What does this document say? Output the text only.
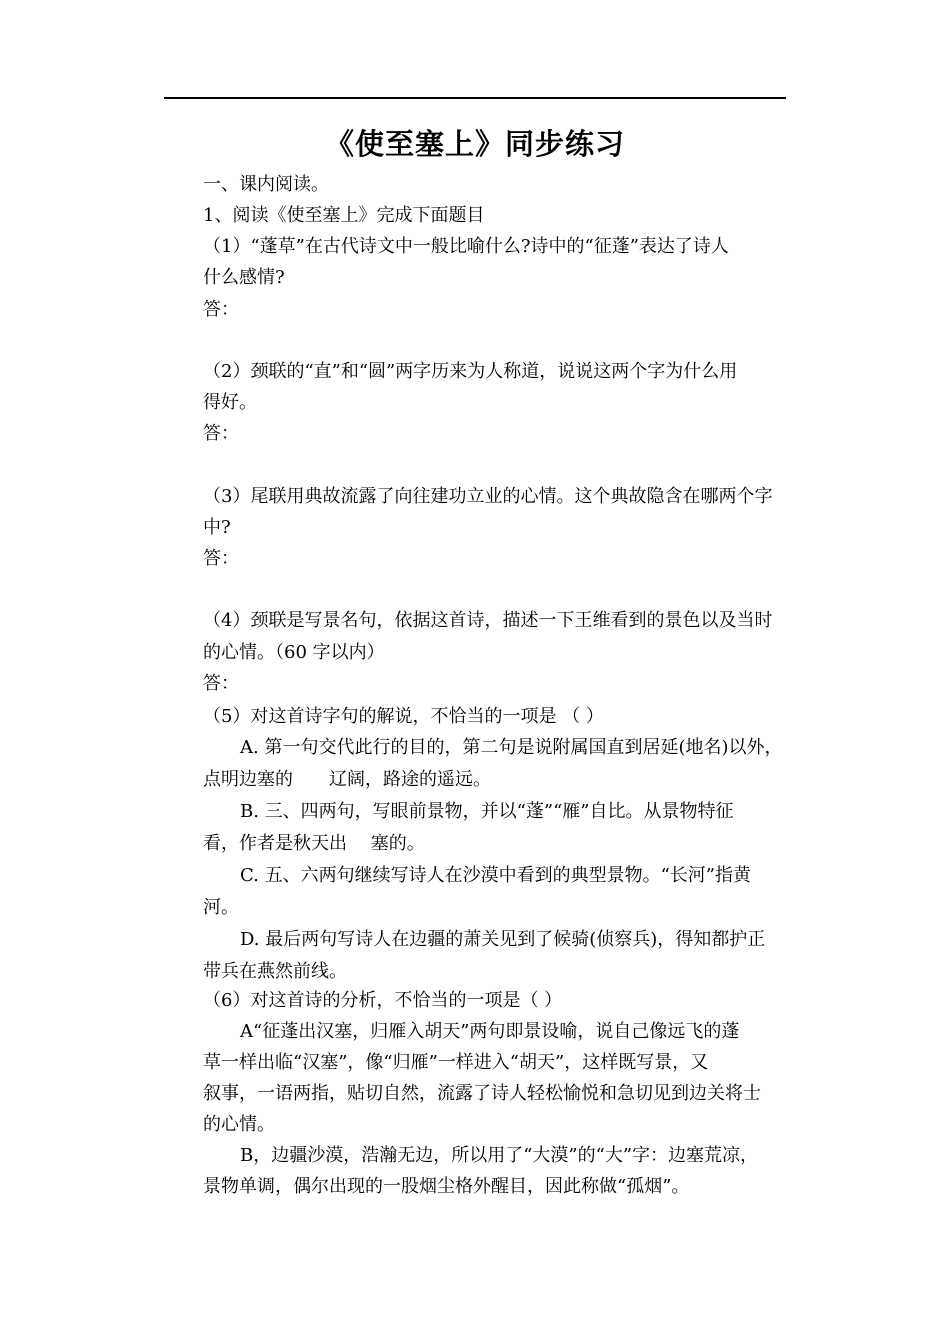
《使至塞上》同步练习
一、课内阅读。
1、阅读《使至塞上》完成下面题目
（1）“蓬草”在古代诗文中一般比喻什么?诗中的“征蓬”表达了诗人
什么感情?
答：
（2）颈联的“直”和“圆”两字历来为人称道，说说这两个字为什么用
得好。
答：
（3）尾联用典故流露了向往建功立业的心情。这个典故隐含在哪两个字
中?
答：
（4）颈联是写景名句，依据这首诗，描述一下王维看到的景色以及当时
的心情。（60 字以内）
答：
（5）对这首诗字句的解说，不恰当的一项是 （ ）
A. 第一句交代此行的目的，第二句是说附属国直到居延(地名)以外，
点明边塞的　　辽阔，路途的遥远。
B. 三、四两句，写眼前景物，并以“蓬”“雁”自比。从景物特征
看，作者是秋天出　 塞的。
C. 五、六两句继续写诗人在沙漠中看到的典型景物。“长河”指黄
河。
D. 最后两句写诗人在边疆的萧关见到了候骑(侦察兵)，得知都护正
带兵在燕然前线。
（6）对这首诗的分析，不恰当的一项是（ ）
A“征蓬出汉塞，归雁入胡天”两句即景设喻，说自己像远飞的蓬
草一样出临“汉塞”，像“归雁”一样进入“胡天”，这样既写景，又
叙事，一语两指，贴切自然，流露了诗人轻松愉悦和急切见到边关将士
的心情。
B，边疆沙漠，浩瀚无边，所以用了“大漠”的“大”字：边塞荒凉，
景物单调，偶尔出现的一股烟尘格外醒目，因此称做“孤烟”。
